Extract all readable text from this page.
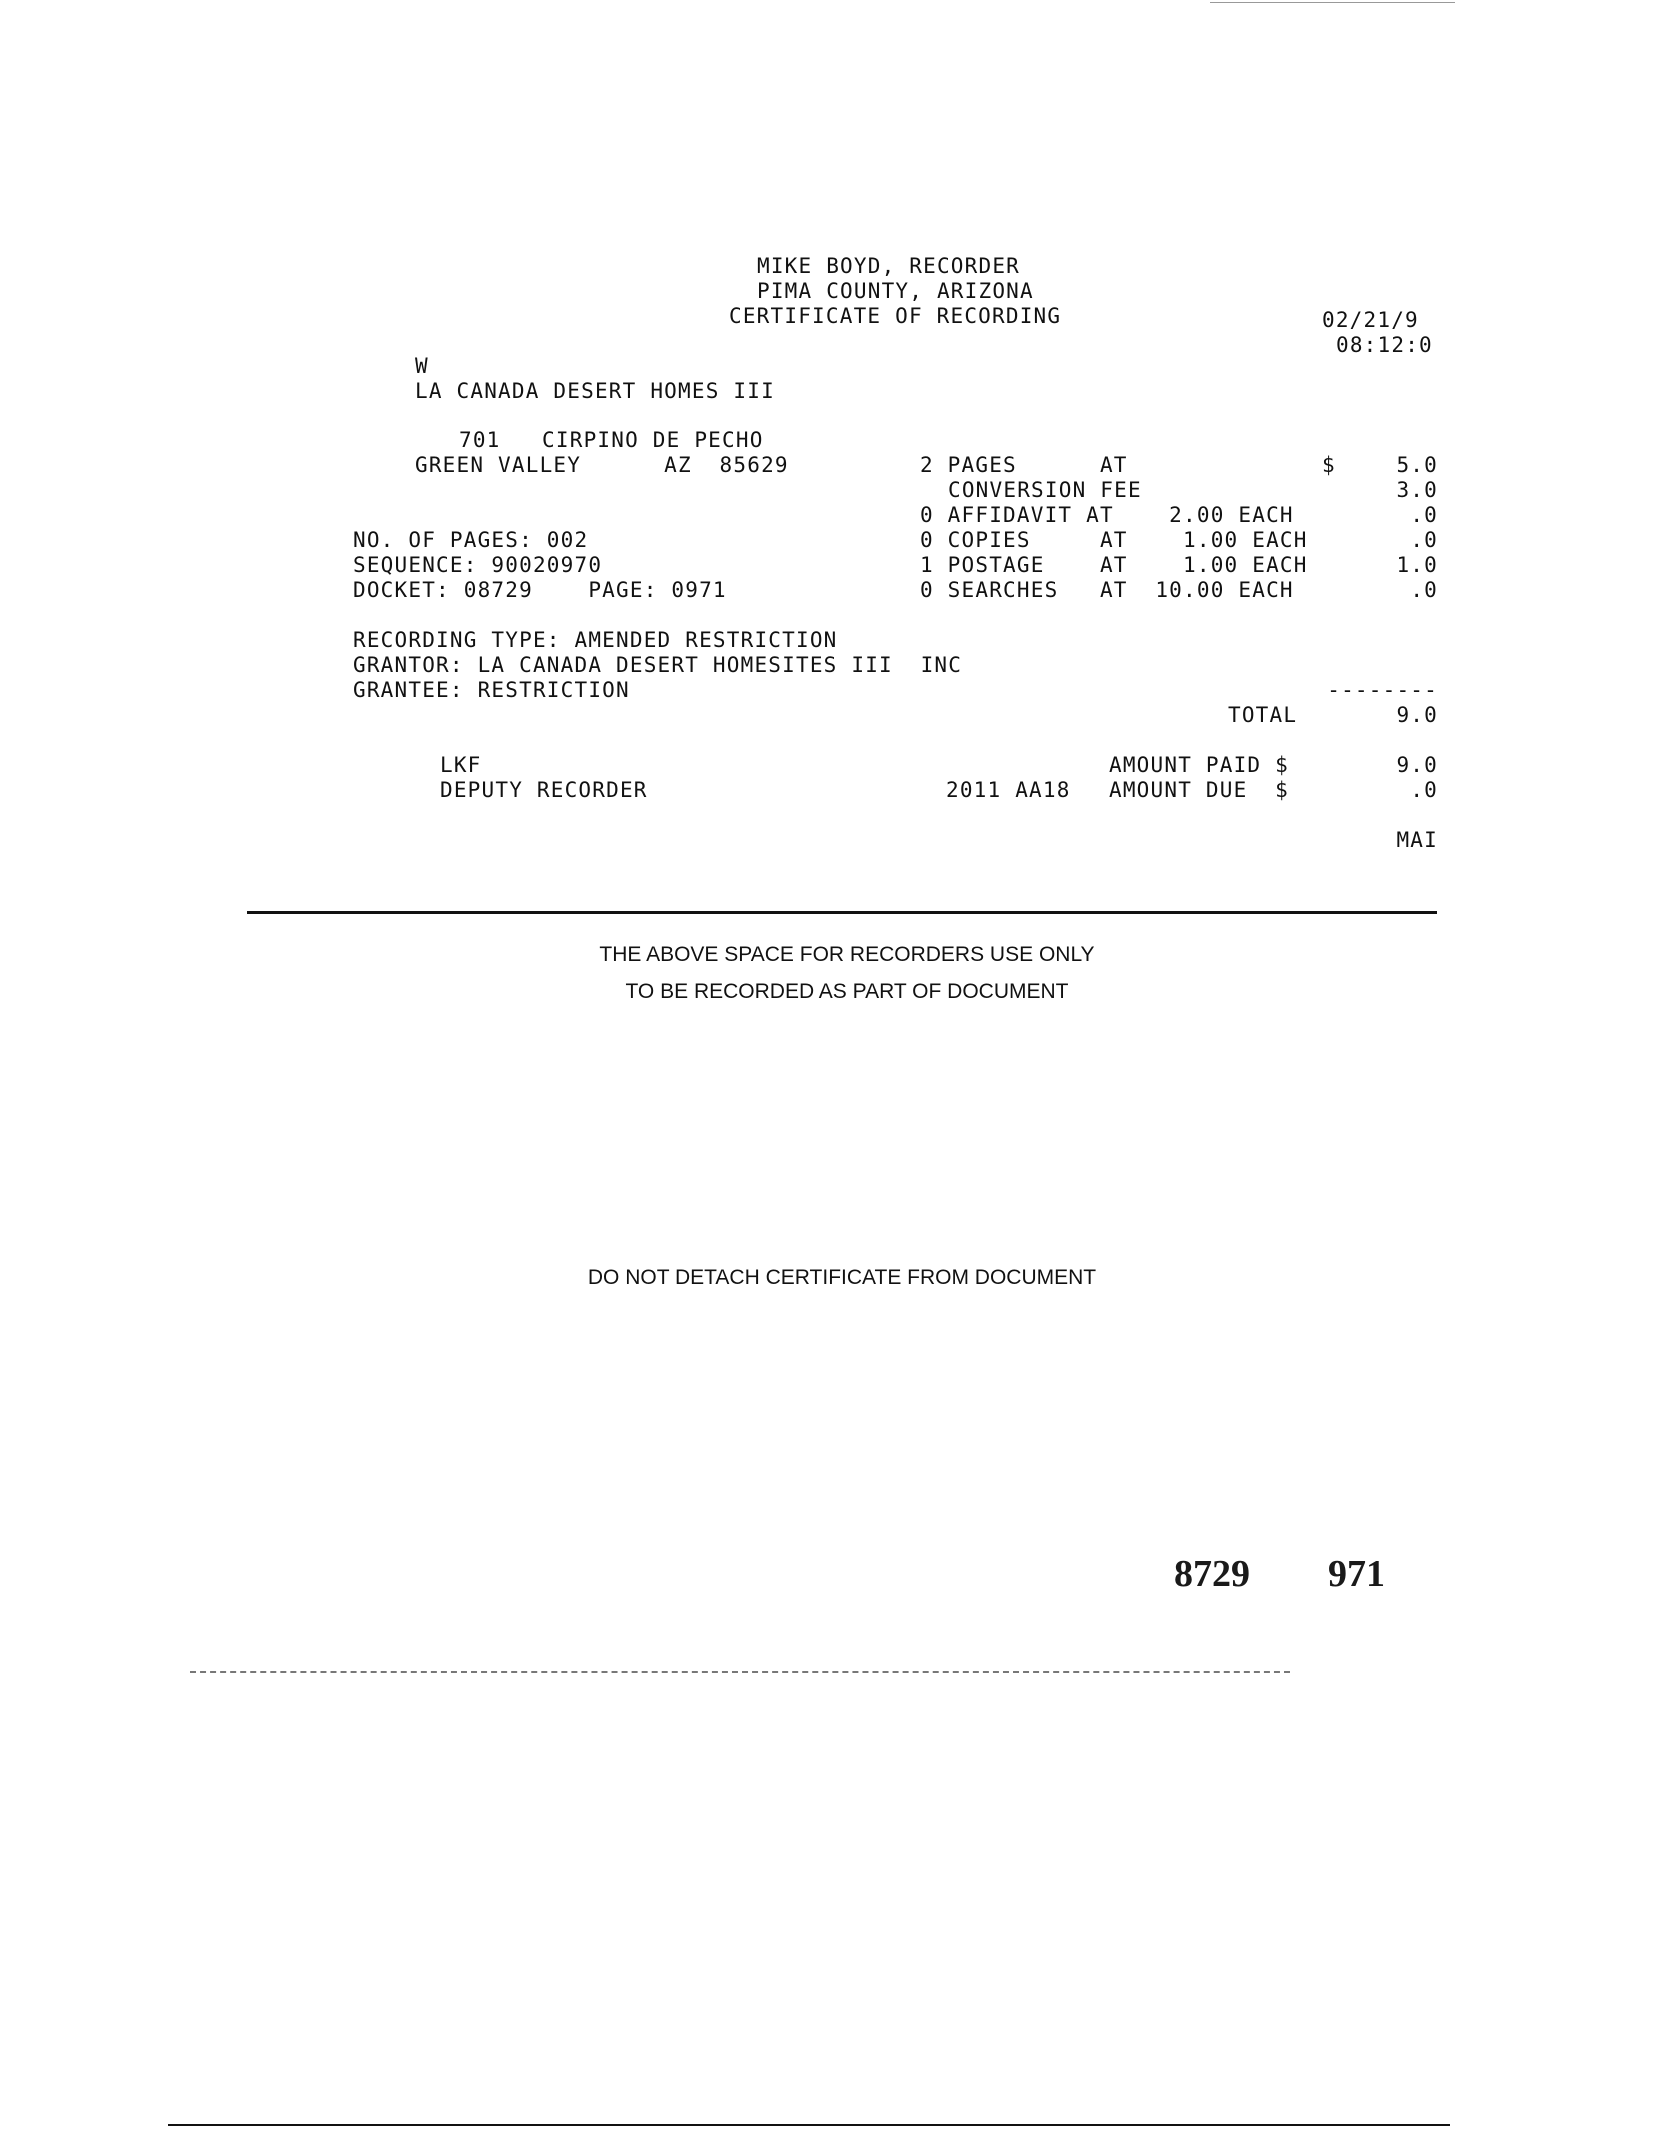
MIKE BOYD, RECORDER
PIMA COUNTY, ARIZONA
CERTIFICATE OF RECORDING	02/21/9
08:12:0
W
LA CANADA DESERT HOMES III
701   CIRPINO DE PECHO
GREEN VALLEY      AZ  85629	2 PAGES      AT	$	5.0
CONVERSION FEE	3.0
0 AFFIDAVIT AT    2.00 EACH	.0
0 COPIES     AT    1.00 EACH	.0
1 POSTAGE    AT    1.00 EACH	1.0
0 SEARCHES   AT  10.00 EACH	.0
NO. OF PAGES: 002
SEQUENCE: 90020970
DOCKET: 08729    PAGE: 0971
RECORDING TYPE: AMENDED RESTRICTION
GRANTOR: LA CANADA DESERT HOMESITES III  INC
GRANTEE: RESTRICTION	--------
TOTAL	9.0
LKF
DEPUTY RECORDER	2011 AA18
AMOUNT PAID $	9.0
AMOUNT DUE  $	.0
MAI
THE ABOVE SPACE FOR RECORDERS USE ONLY
TO BE RECORDED AS PART OF DOCUMENT
DO NOT DETACH CERTIFICATE FROM DOCUMENT
8729 971
